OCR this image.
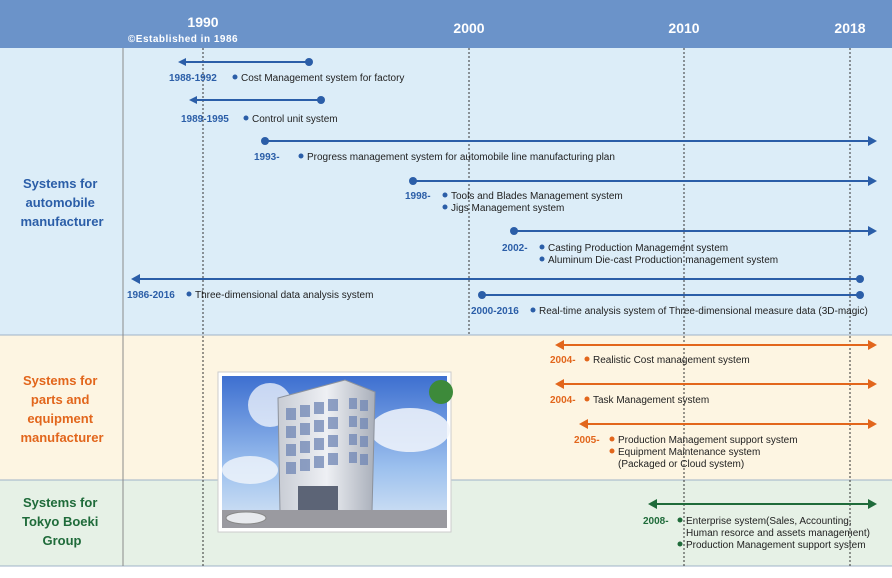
1990
©Established in 1986
2000	2010	2018
Systems for automobile manufacturer
Systems for parts and equipment manufacturer
Systems for Tokyo Boeki Group
1988-1992 Cost Management system for factory
1989-1995 Control unit system
1993-	Progress management system for automobile line manufacturing plan
1998- Tools and Blades Management system
Jigs Management system
2002- Casting Production Management system
Aluminum Die-cast Production management system
1986-2016 Three-dimensional data analysis system
2000-2016 Real-time analysis system of Three-dimensional measure data (3D-magic)
2004- Realistic Cost management system
2004- Task Management system
2005- Production Management support system
Equipment Maintenance system
(Packaged or Cloud system)
2008- Enterprise system(Sales, Accounting,
Human resorce and assets management)
Production Management support system
